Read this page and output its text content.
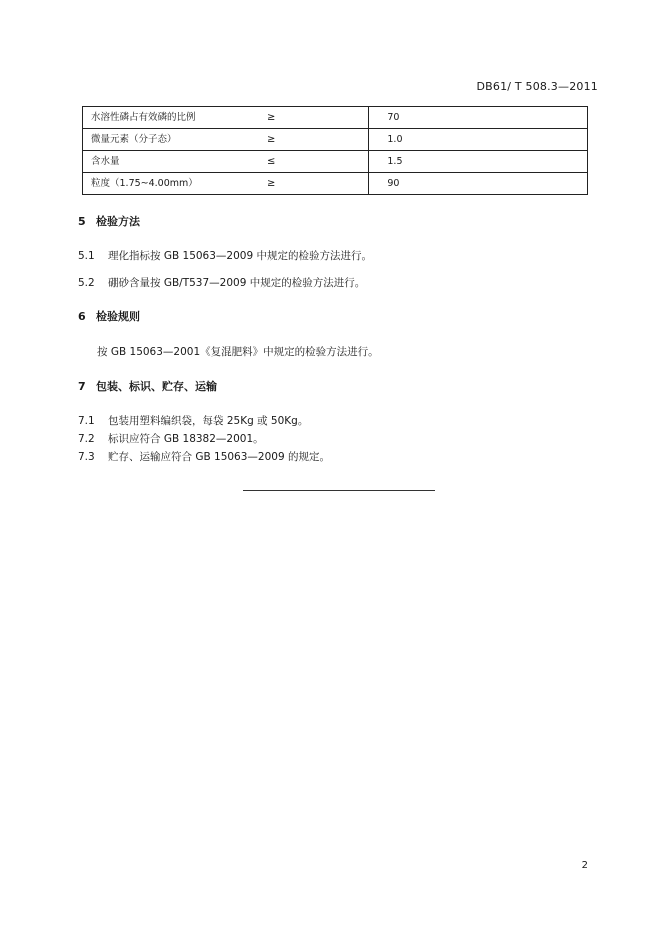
DB61/ T 508.3—2011
水溶性磷占有效磷的比例 ≥		70

微量元素（分子态） ≥		1.0

含水量 ≤		1.5

粒度（1.75~4.00mm） ≥		90
5 检验方法
5.1 理化指标按 GB 15063—2009 中规定的检验方法进行。
5.2 硼砂含量按 GB/T537—2009 中规定的检验方法进行。
6 检验规则
按 GB 15063—2001《复混肥料》中规定的检验方法进行。
7 包装、标识、贮存、运输
7.1 包装用塑料编织袋，每袋 25Kg 或 50Kg。
7.2 标识应符合 GB 18382—2001。
7.3 贮存、运输应符合 GB 15063—2009 的规定。
2
